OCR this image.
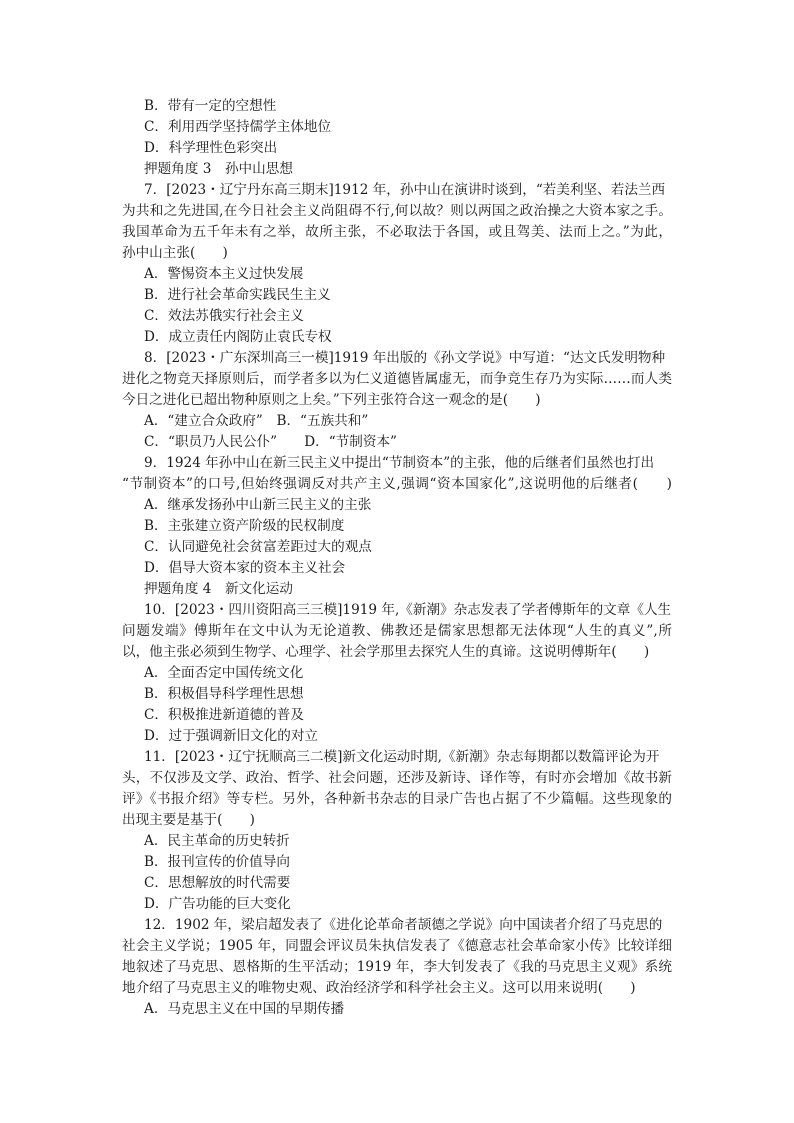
B．带有一定的空想性
C．利用西学坚持儒学主体地位
D．科学理性色彩突出
押题角度 3　孙中山思想
7．[2023・辽宁丹东高三期末]1912 年，孙中山在演讲时谈到，“若美利坚、若法兰西
为共和之先进国,在今日社会主义尚阻碍不行,何以故？则以两国之政治操之大资本家之手。
我国革命为五千年未有之举，故所主张，不必取法于各国，或且驾美、法而上之。”为此，
孙中山主张(　　)
A．警惕资本主义过快发展
B．进行社会革命实践民生主义
C．效法苏俄实行社会主义
D．成立责任内阁防止袁氏专权
8．[2023・广东深圳高三一模]1919 年出版的《孙文学说》中写道：“达文氏发明物种
进化之物竞天择原则后，而学者多以为仁义道德皆属虚无，而争竞生存乃为实际……而人类
今日之进化已超出物种原则之上矣。”下列主张符合这一观念的是(　　)
A．“建立合众政府”　B．“五族共和”
C．“职员乃人民公仆”　　D．“节制资本”
9．1924 年孙中山在新三民主义中提出“节制资本”的主张，他的后继者们虽然也打出
“节制资本”的口号,但始终强调反对共产主义,强调“资本国家化”,这说明他的后继者(　　)
A．继承发扬孙中山新三民主义的主张
B．主张建立资产阶级的民权制度
C．认同避免社会贫富差距过大的观点
D．倡导大资本家的资本主义社会
押题角度 4　新文化运动
10．[2023・四川资阳高三三模]1919 年,《新潮》杂志发表了学者傅斯年的文章《人生
问题发端》傅斯年在文中认为无论道教、佛教还是儒家思想都无法体现“人生的真义”,所
以，他主张必须到生物学、心理学、社会学那里去探究人生的真谛。这说明傅斯年(　　)
A．全面否定中国传统文化
B．积极倡导科学理性思想
C．积极推进新道德的普及
D．过于强调新旧文化的对立
11．[2023・辽宁抚顺高三二模]新文化运动时期,《新潮》杂志每期都以数篇评论为开
头，不仅涉及文学、政治、哲学、社会问题，还涉及新诗、译作等，有时亦会增加《故书新
评》《书报介绍》等专栏。另外，各种新书杂志的目录广告也占据了不少篇幅。这些现象的
出现主要是基于(　　)
A．民主革命的历史转折
B．报刊宣传的价值导向
C．思想解放的时代需要
D．广告功能的巨大变化
12．1902 年，梁启超发表了《进化论革命者颉德之学说》向中国读者介绍了马克思的
社会主义学说；1905 年，同盟会评议员朱执信发表了《德意志社会革命家小传》比较详细
地叙述了马克思、恩格斯的生平活动；1919 年，李大钊发表了《我的马克思主义观》系统
地介绍了马克思主义的唯物史观、政治经济学和科学社会主义。这可以用来说明(　　)
A．马克思主义在中国的早期传播
